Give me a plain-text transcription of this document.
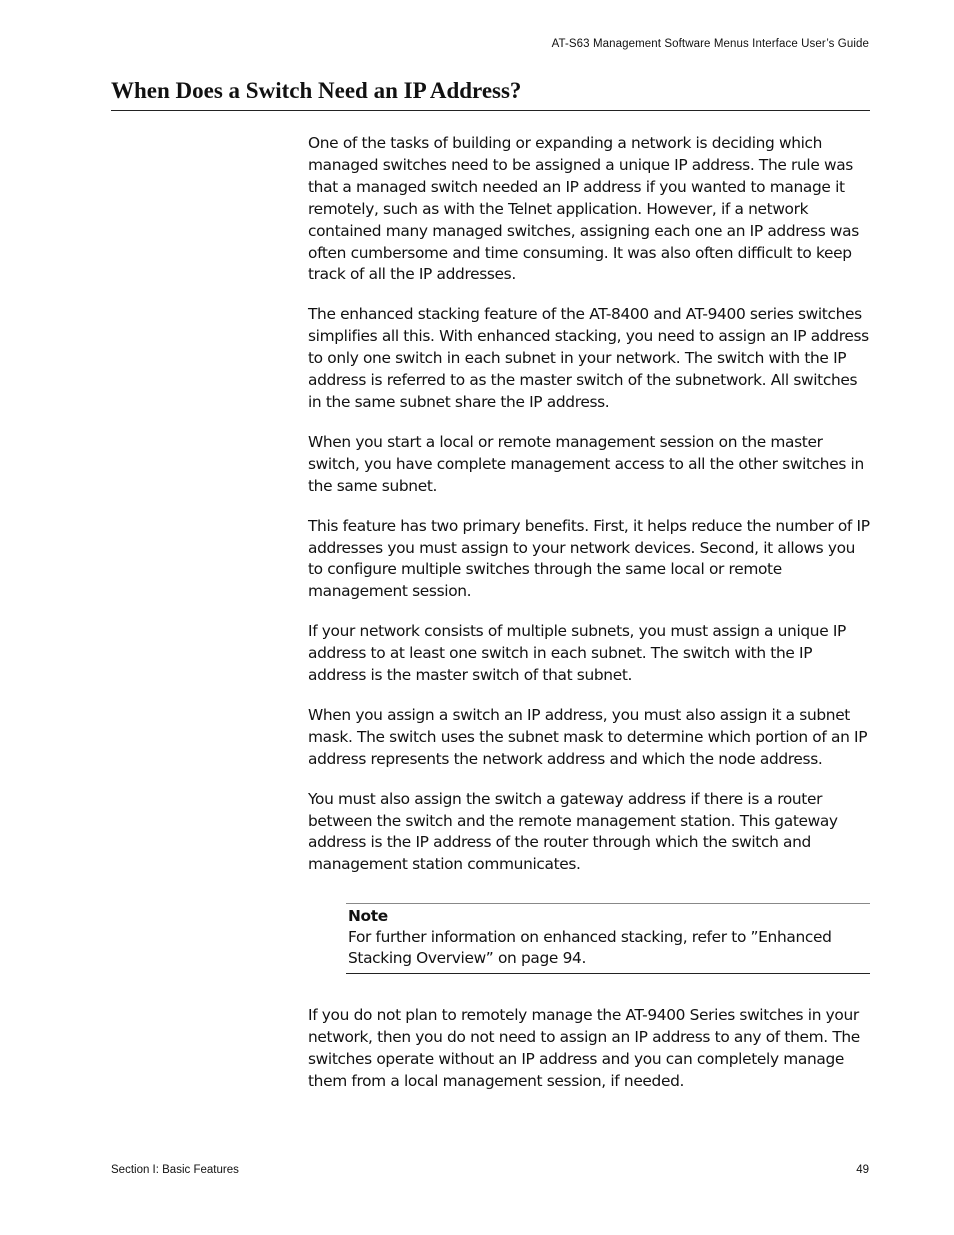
AT-S63 Management Software Menus Interface User’s Guide
When Does a Switch Need an IP Address?

One of the tasks of building or expanding a network is deciding which managed switches need to be assigned a unique IP address. The rule was that a managed switch needed an IP address if you wanted to manage it remotely, such as with the Telnet application. However, if a network contained many managed switches, assigning each one an IP address was often cumbersome and time consuming. It was also often difficult to keep track of all the IP addresses.

The enhanced stacking feature of the AT-8400 and AT-9400 series switches simplifies all this. With enhanced stacking, you need to assign an IP address to only one switch in each subnet in your network. The switch with the IP address is referred to as the master switch of the subnetwork. All switches in the same subnet share the IP address.

When you start a local or remote management session on the master switch, you have complete management access to all the other switches in the same subnet.

This feature has two primary benefits. First, it helps reduce the number of IP addresses you must assign to your network devices. Second, it allows you to configure multiple switches through the same local or remote management session.

If your network consists of multiple subnets, you must assign a unique IP address to at least one switch in each subnet. The switch with the IP address is the master switch of that subnet.

When you assign a switch an IP address, you must also assign it a subnet mask. The switch uses the subnet mask to determine which portion of an IP address represents the network address and which the node address.

You must also assign the switch a gateway address if there is a router between the switch and the remote management station. This gateway address is the IP address of the router through which the switch and management station communicates.

Note
For further information on enhanced stacking, refer to ”Enhanced Stacking Overview” on page 94.

If you do not plan to remotely manage the AT-9400 Series switches in your network, then you do not need to assign an IP address to any of them. The switches operate without an IP address and you can completely manage them from a local management session, if needed.

Section I: Basic Features	49
